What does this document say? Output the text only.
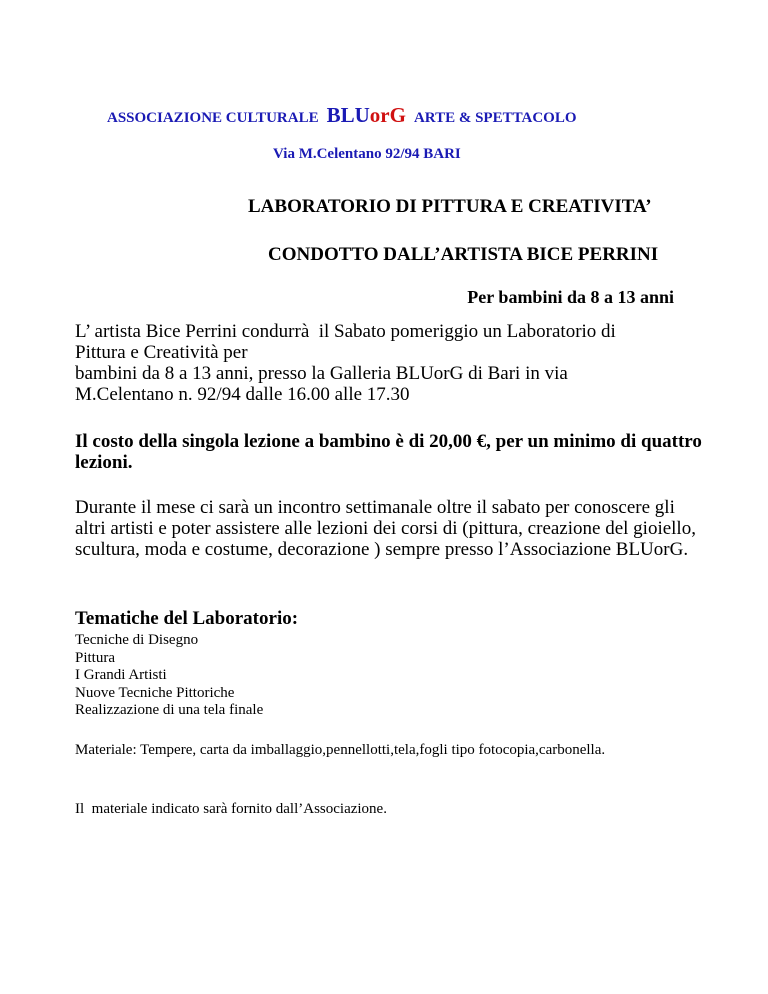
ASSOCIAZIONE CULTURALE BLUorG ARTE & SPETTACOLO
Via M.Celentano 92/94 BARI
LABORATORIO DI PITTURA E CREATIVITA’
CONDOTTO DALL’ARTISTA BICE PERRINI
Per bambini da 8 a 13 anni
L’ artista Bice Perrini condurrà  il Sabato pomeriggio un Laboratorio di
Pittura e Creatività per
bambini da 8 a 13 anni, presso la Galleria BLUorG di Bari in via
M.Celentano n. 92/94 dalle 16.00 alle 17.30

Il costo della singola lezione a bambino è di 20,00 €, per un minimo di quattro lezioni.

Durante il mese ci sarà un incontro settimanale oltre il sabato per conoscere gli altri artisti e poter assistere alle lezioni dei corsi di (pittura, creazione del gioiello, scultura, moda e costume, decorazione ) sempre presso l’Associazione BLUorG.

Tematiche del Laboratorio:
Tecniche di Disegno
Pittura
I Grandi Artisti
Nuove Tecniche Pittoriche
Realizzazione di una tela finale

Materiale: Tempere, carta da imballaggio,pennellotti,tela,fogli tipo fotocopia,carbonella.

Il  materiale indicato sarà fornito dall’Associazione.
